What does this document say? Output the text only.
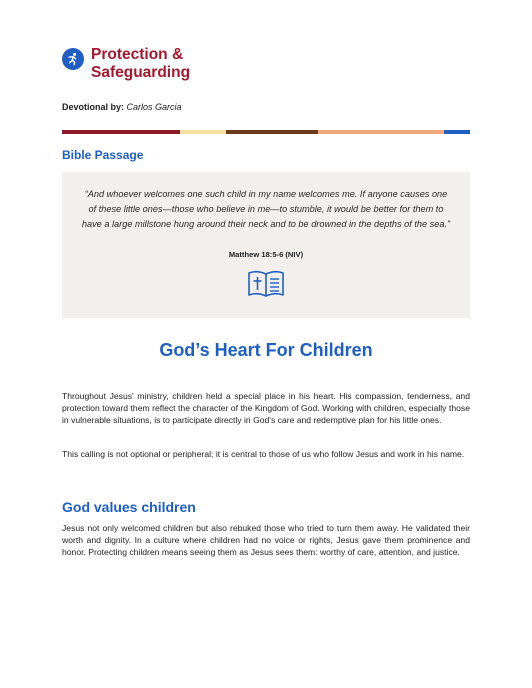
Protection &
Safeguarding
Devotional by: Carlos Garcia
Bible Passage
“And whoever welcomes one such child in my name welcomes me. If anyone causes one of these little ones—those who believe in me—to stumble, it would be better for them to have a large millstone hung around their neck and to be drowned in the depths of the sea.”
Matthew 18:5-6 (NIV)
God’s Heart For Children

Throughout Jesus' ministry, children held a special place in his heart. His compassion, tenderness, and protection toward them reflect the character of the Kingdom of God. Working with children, especially those in vulnerable situations, is to participate directly in God's care and redemptive plan for his little ones.

This calling is not optional or peripheral; it is central to those of us who follow Jesus and work in his name.

God values children

Jesus not only welcomed children but also rebuked those who tried to turn them away. He validated their worth and dignity. In a culture where children had no voice or rights, Jesus gave them prominence and honor. Protecting children means seeing them as Jesus sees them: worthy of care, attention, and justice.
